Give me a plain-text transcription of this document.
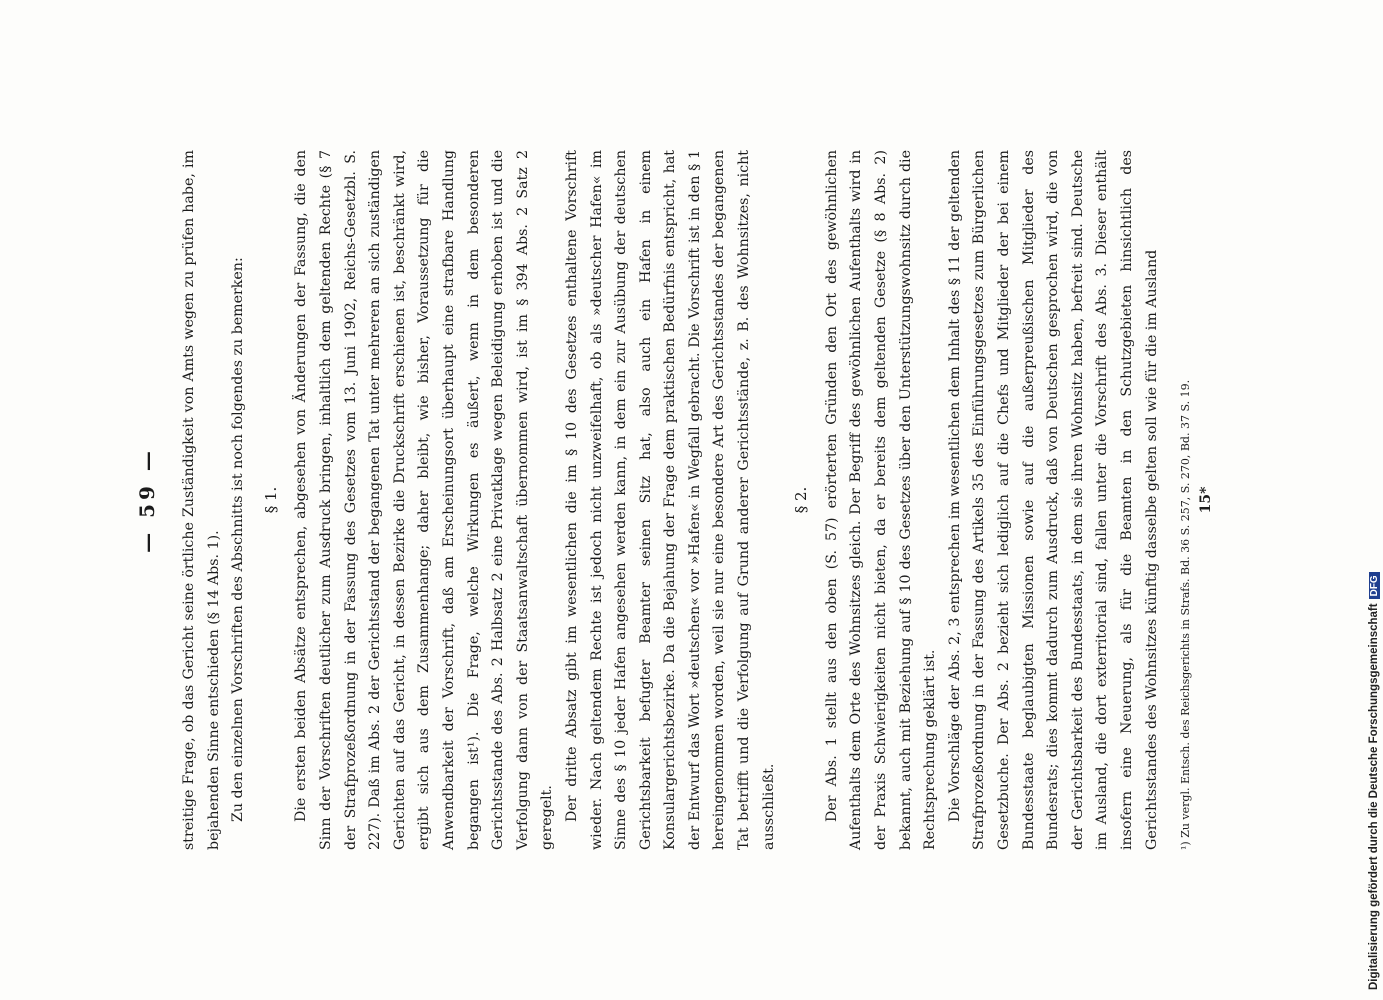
— 59 — streitige Frage, ob das Gericht seine örtliche Zuständigkeit von Amts wegen zu prüfen habe, im bejahenden Sinne entschieden (§ 14 Abs. 1). Zu den einzelnen Vorschriften des Abschnitts ist noch folgendes zu bemerken:	§ 1. Die ersten beiden Absätze entsprechen, abgesehen von Änderungen der Fassung, die den Sinn der Vorschriften deutlicher zum Ausdruck bringen, inhaltlich dem geltenden Rechte (§ 7 der Strafprozeßordnung in der Fassung des Gesetzes vom 13. Juni 1902, Reichs-Gesetzbl. S. 227). Daß im Abs. 2 der Gerichtsstand der begangenen Tat unter mehreren an sich zuständigen Gerichten auf das Gericht, in dessen Bezirke die Druckschrift erschienen ist, beschränkt wird, ergibt sich aus dem Zusammenhange; daher bleibt, wie bisher, Voraussetzung für die Anwendbarkeit der Vorschrift, daß am Erscheinungsort überhaupt eine strafbare Handlung begangen ist¹). Die Frage, welche Wirkungen es äußert, wenn in dem besonderen Gerichtsstande des Abs. 2 Halbsatz 2 eine Privatklage wegen Beleidigung erhoben ist und die Verfolgung dann von der Staatsanwaltschaft übernommen wird, ist im § 394 Abs. 2 Satz 2 geregelt. Der dritte Absatz gibt im wesentlichen die im § 10 des Gesetzes enthaltene Vorschrift wieder. Nach geltendem Rechte ist jedoch nicht unzweifelhaft, ob als »deutscher Hafen« im Sinne des § 10 jeder Hafen angesehen werden kann, in dem ein zur Ausübung der deutschen Gerichtsbarkeit befugter Beamter seinen Sitz hat, also auch ein Hafen in einem Konsulargerichtsbezirke. Da die Bejahung der Frage dem praktischen Bedürfnis entspricht, hat der Entwurf das Wort »deutschen« vor »Hafen« in Wegfall gebracht. Die Vorschrift ist in den § 1 hereingenommen worden, weil sie nur eine besondere Art des Gerichtsstandes der begangenen Tat betrifft und die Verfolgung auf Grund anderer Gerichtsstände, z. B. des Wohnsitzes, nicht ausschließt.

§ 2. Der Abs. 1 stellt aus den oben (S. 57) erörterten Gründen den Ort des gewöhnlichen Aufenthalts dem Orte des Wohnsitzes gleich. Der Begriff des gewöhnlichen Aufenthalts wird in der Praxis Schwierigkeiten nicht bieten, da er bereits dem geltenden Gesetze (§ 8 Abs. 2) bekannt, auch mit Beziehung auf § 10 des Gesetzes über den Unterstützungswohnsitz durch die Rechtsprechung geklärt ist. Die Vorschläge der Abs. 2, 3 entsprechen im wesentlichen dem Inhalt des § 11 der geltenden Strafprozeßordnung in der Fassung des Artikels 35 des Einführungsgesetzes zum Bürgerlichen Gesetzbuche. Der Abs. 2 bezieht sich lediglich auf die Chefs und Mitglieder der bei einem Bundesstaate beglaubigten Missionen sowie auf die außerpreußischen Mitglieder des Bundesrats; dies kommt dadurch zum Ausdruck, daß von Deutschen gesprochen wird, die von der Gerichtsbarkeit des Bundesstaats, in dem sie ihren Wohnsitz haben, befreit sind. Deutsche im Ausland, die dort exterritorial sind, fallen unter die Vorschrift des Abs. 3. Dieser enthält insofern eine Neuerung, als für die Beamten in den Schutzgebieten hinsichtlich des Gerichtsstandes des Wohnsitzes künftig dasselbe gelten soll wie für die im Ausland	¹) Zu vergl. Entsch. des Reichsgerichts in Strafs. Bd. 36 S. 257, S. 270, Bd. 37 S. 19. 15*
Digitalisierung gefördert durch die Deutsche ForschungsgemeinschaftDFG
